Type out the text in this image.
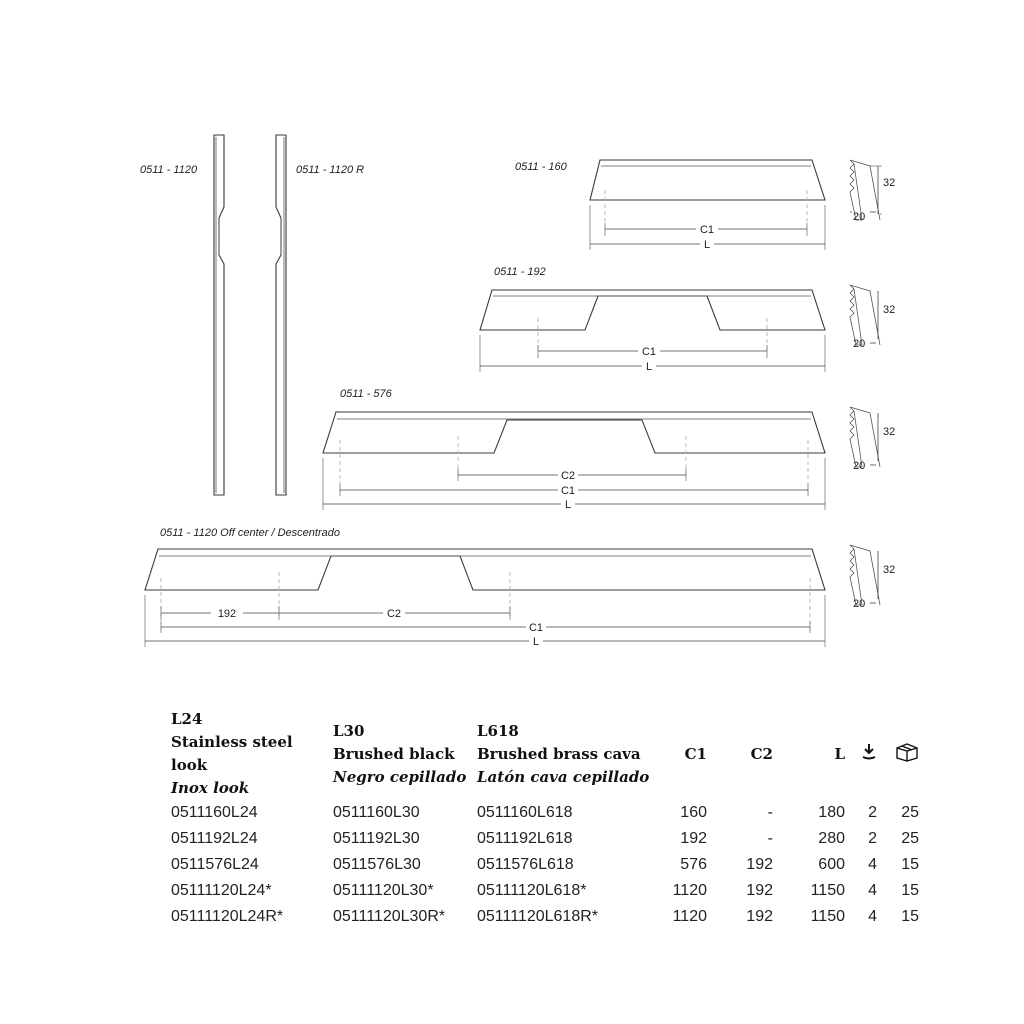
0511 - 1120	0511 - 1120 R	0511 - 160
C1
L
0511 - 192
C1
L
0511 - 576
C2
C1
L
0511 - 1120 Off center / Descentrado
192	C2
C1
L
32
20
32
20
32
20
32
20
L24
Stainless steel look
Inox look	L30
Brushed black
Negro cepillado	L618
Brushed brass cava
Latón cava cepillado	C1	C2	L		
0511160L24	0511160L30	0511160L618	160	-	180	2	25
0511192L24	0511192L30	0511192L618	192	-	280	2	25
0511576L24	0511576L30	0511576L618	576	192	600	4	15
05111120L24*	05111120L30*	05111120L618*	1120	192	1150	4	15
05111120L24R*	05111120L30R*	05111120L618R*	1120	192	1150	4	15
